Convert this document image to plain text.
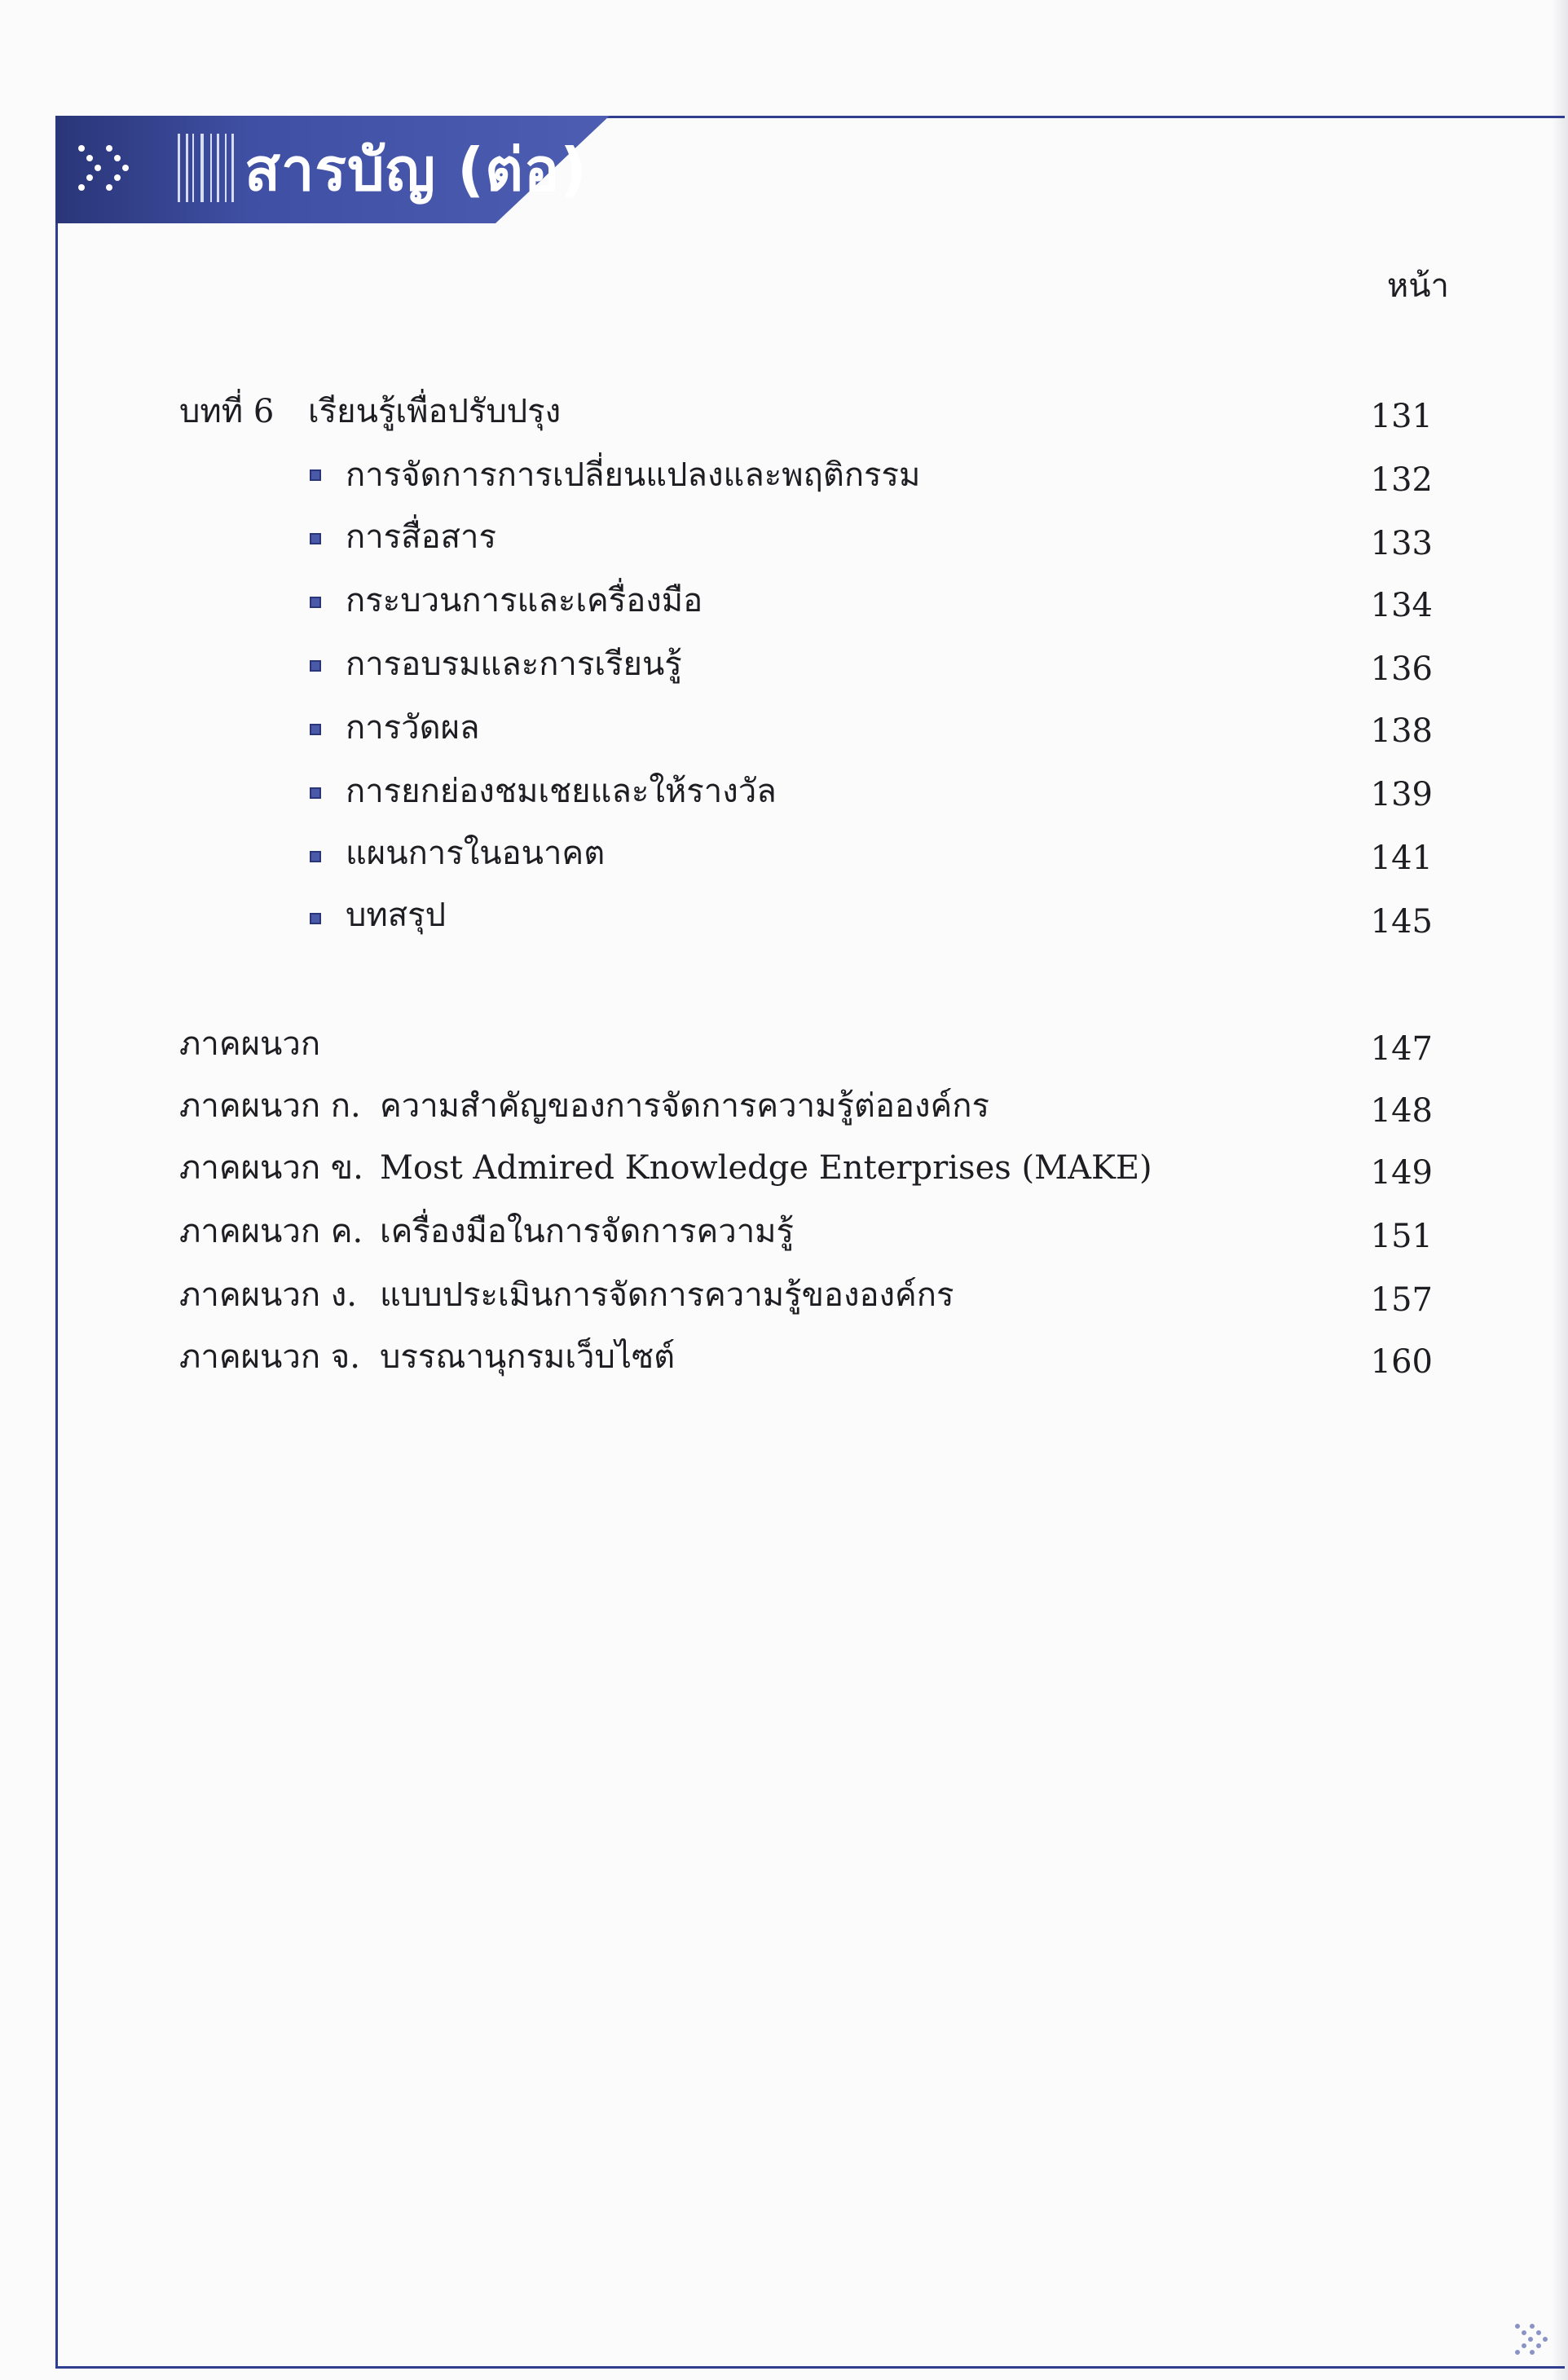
สารบัญ (ต่อ)
หน้า
บทที่ 6 เรียนรู้เพื่อปรับปรุง	131
การจัดการการเปลี่ยนแปลงและพฤติกรรม	132
การสื่อสาร	133
กระบวนการและเครื่องมือ	134
การอบรมและการเรียนรู้	136
การวัดผล	138
การยกย่องชมเชยและให้รางวัล	139
แผนการในอนาคต	141
บทสรุป	145
ภาคผนวก	147
ภาคผนวก ก. ความสำคัญของการจัดการความรู้ต่อองค์กร	148
ภาคผนวก ข. Most Admired Knowledge Enterprises (MAKE)	149
ภาคผนวก ค. เครื่องมือในการจัดการความรู้	151
ภาคผนวก ง. แบบประเมินการจัดการความรู้ขององค์กร	157
ภาคผนวก จ. บรรณานุกรมเว็บไซต์	160
